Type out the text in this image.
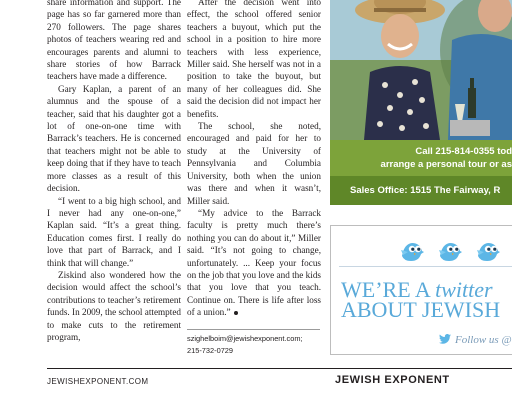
share information and support. The page has so far garnered more than 270 followers. The page shares photos of teachers wearing red and encourages parents and alumni to share stories of how Barrack teachers have made a difference.

Gary Kaplan, a parent of an alumnus and the spouse of a teacher, said that his daughter got a lot of one-on-one time with Barrack’s teachers. He is concerned that teachers might not be able to keep doing that if they have to teach more classes as a result of this decision.

“I went to a big high school, and I never had any one-on-one,” Kaplan said. “It’s a great thing. Education comes first. I really do love that part of Barrack, and I think that will change.”

Ziskind also wondered how the decision would affect the school’s contributions to teacher’s retirement funds. In 2009, the school attempted to make cuts to the retirement program,

After the decision went into effect, the school offered senior teachers a buyout, which put the school in a position to hire more teachers with less experience, Miller said. She herself was not in a position to take the buyout, but many of her colleagues did. She said the decision did not impact her benefits.

The school, she noted, encouraged and paid for her to study at the University of Pennsylvania and Columbia University, both when the union was there and when it wasn’t, Miller said.

“My advice to the Barrack faculty is pretty much there’s nothing you can do about it,” Miller said. “It’s not going to change, unfortunately. ... Keep your focus on the job that you love and the kids that you love that you teach. Continue on. There is life after loss of a union.”

szighelboim@jewishexponent.com;
215-732-0729
Call 215-814-0355 tod
arrange a personal tour or as
Sales Office: 1515 The Fairway, R
WE’RE A twitter
ABOUT JEWISH
Follow us @
JEWISHEXPONENT.COM	JEWISH EXPONENT
